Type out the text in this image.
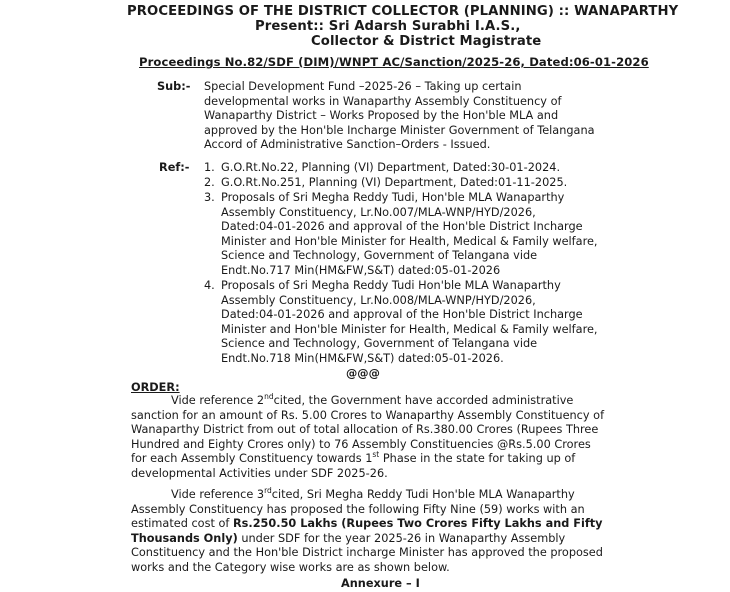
PROCEEDINGS OF THE DISTRICT COLLECTOR (PLANNING) :: WANAPARTHY
Present:: Sri Adarsh Surabhi I.A.S.,
Collector & District Magistrate
Proceedings No.82/SDF (DIM)/WNPT AC/Sanction/2025-26, Dated:06-01-2026
Sub:- Special Development Fund –2025-26 – Taking up certain
developmental works in Wanaparthy Assembly Constituency of
Wanaparthy District – Works Proposed by the Hon'ble MLA and
approved by the Hon'ble Incharge Minister Government of Telangana
Accord of Administrative Sanction–Orders - Issued.
Ref:- 1. G.O.Rt.No.22, Planning (VI) Department, Dated:30-01-2024.
2. G.O.Rt.No.251, Planning (VI) Department, Dated:01-11-2025.
3. Proposals of Sri Megha Reddy Tudi, Hon'ble MLA Wanaparthy
Assembly Constituency, Lr.No.007/MLA-WNP/HYD/2026,
Dated:04-01-2026 and approval of the Hon'ble District Incharge
Minister and Hon'ble Minister for Health, Medical & Family welfare,
Science and Technology, Government of Telangana vide
Endt.No.717 Min(HM&FW,S&T) dated:05-01-2026
4. Proposals of Sri Megha Reddy Tudi Hon'ble MLA Wanaparthy
Assembly Constituency, Lr.No.008/MLA-WNP/HYD/2026,
Dated:04-01-2026 and approval of the Hon'ble District Incharge
Minister and Hon'ble Minister for Health, Medical & Family welfare,
Science and Technology, Government of Telangana vide
Endt.No.718 Min(HM&FW,S&T) dated:05-01-2026.
@@@
ORDER:
Vide reference 2ndcited, the Government have accorded administrative
sanction for an amount of Rs. 5.00 Crores to Wanaparthy Assembly Constituency of
Wanaparthy District from out of total allocation of Rs.380.00 Crores (Rupees Three
Hundred and Eighty Crores only) to 76 Assembly Constituencies @Rs.5.00 Crores
for each Assembly Constituency towards 1st Phase in the state for taking up of
developmental Activities under SDF 2025-26.
Vide reference 3rdcited, Sri Megha Reddy Tudi Hon'ble MLA Wanaparthy
Assembly Constituency has proposed the following Fifty Nine (59) works with an
estimated cost of Rs.250.50 Lakhs (Rupees Two Crores Fifty Lakhs and Fifty
Thousands Only) under SDF for the year 2025-26 in Wanaparthy Assembly
Constituency and the Hon'ble District incharge Minister has approved the proposed
works and the Category wise works are as shown below.
Annexure – I
